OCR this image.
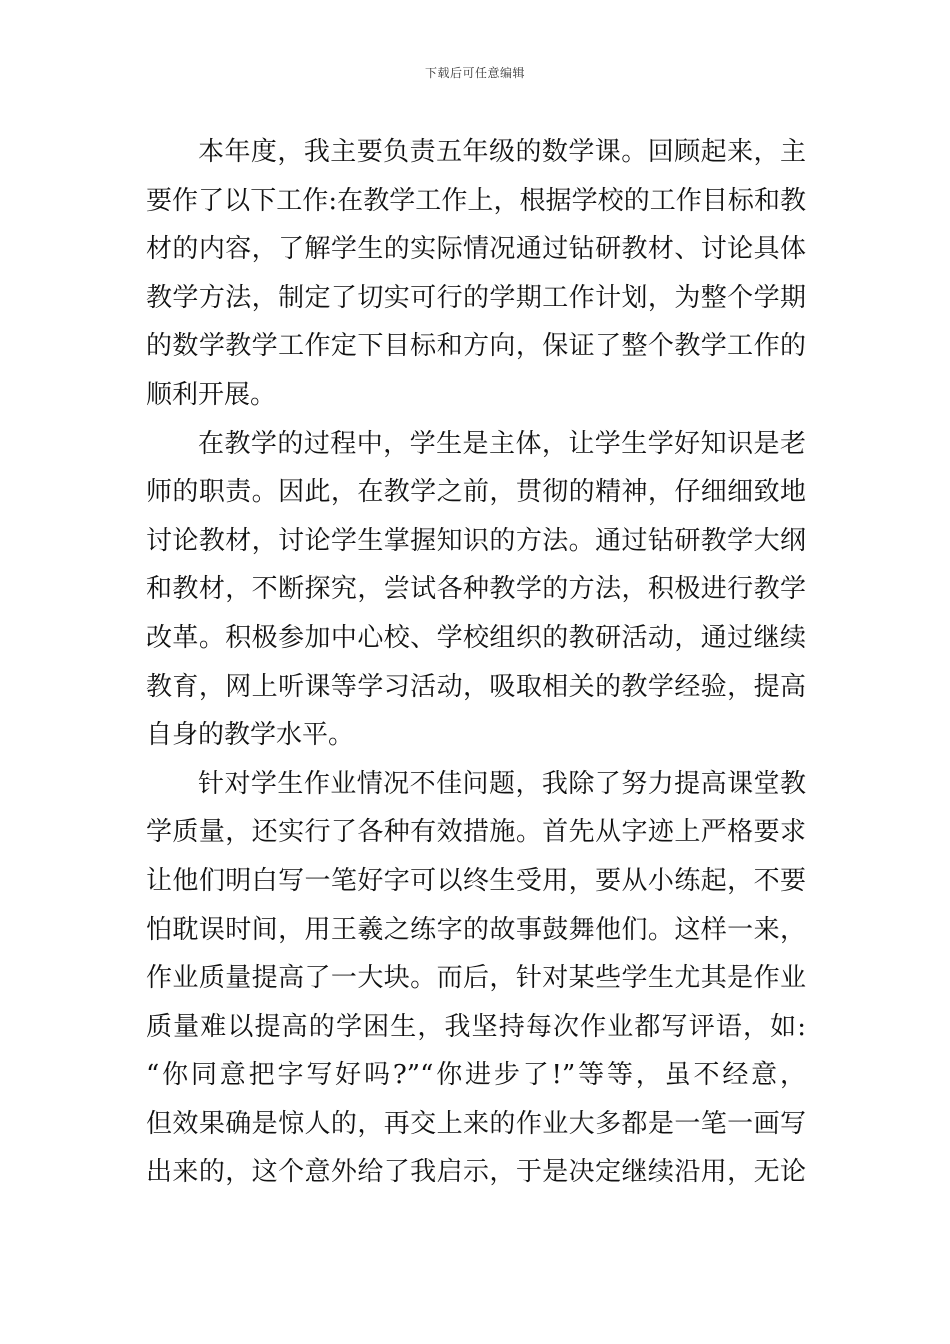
下载后可任意编辑
本年度，我主要负责五年级的数学课。回顾起来，主
要作了以下工作:在教学工作上，根据学校的工作目标和教
材的内容，了解学生的实际情况通过钻研教材、讨论具体
教学方法，制定了切实可行的学期工作计划，为整个学期
的数学教学工作定下目标和方向，保证了整个教学工作的
顺利开展。
在教学的过程中，学生是主体，让学生学好知识是老
师的职责。因此，在教学之前，贯彻的精神，仔细细致地
讨论教材，讨论学生掌握知识的方法。通过钻研教学大纲
和教材，不断探究，尝试各种教学的方法，积极进行教学
改革。积极参加中心校、学校组织的教研活动，通过继续
教育，网上听课等学习活动，吸取相关的教学经验，提高
自身的教学水平。
针对学生作业情况不佳问题，我除了努力提高课堂教
学质量，还实行了各种有效措施。首先从字迹上严格要求
让他们明白写一笔好字可以终生受用，要从小练起，不要
怕耽误时间，用王羲之练字的故事鼓舞他们。这样一来，
作业质量提高了一大块。而后，针对某些学生尤其是作业
质量难以提高的学困生，我坚持每次作业都写评语，如:
“你同意把字写好吗?”“你进步了!”等等，虽不经意，
但效果确是惊人的，再交上来的作业大多都是一笔一画写
出来的，这个意外给了我启示，于是决定继续沿用，无论
